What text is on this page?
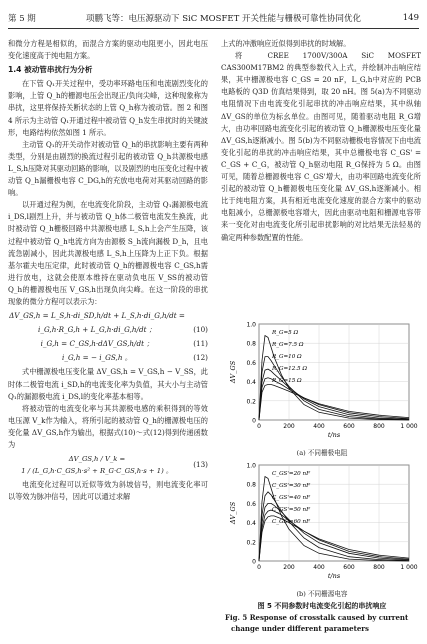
第 5 期	项鹏飞等：电压源驱动下 SiC MOSFET 开关性能与栅极可靠性协同优化	149

和微分方程是相似的，而混合方案的驱动电阻更小，因此电压变化速度高于纯电阻方案。

1.4 被动管串扰行为分析

在下管 Q₁开关过程中，受功率环路电压和电流剧烈变化的影响，上管 Q_h的栅源电压会出现正/负向尖峰，这种现象称为串扰，这里将保持关断状态的上管 Q_h称为被动管。图 2 和图 4 所示为主动管 Q₁开通过程中被动管 Q_h发生串扰时的关键波形，电路结构依然如图 1 所示。

主动管 Q₁的开关动作对被动管 Q_h的串扰影响主要有两种类型，分别是由剧烈的换流过程引起的被动管 Q_h共源极电感 L_S,h压降对其驱动回路的影响，以及剧烈的电压变化过程中被动管 Q_h漏栅极电容 C_DG,h的充放电电荷对其驱动回路的影响。

以开通过程为例，在电流变化阶段，主动管 Q₁漏源极电流 i_DS,l剧烈上升，并与被动管 Q_h体二极管电流发生换流，此时被动管 Q_h栅极回路中共源极电感 L_S,h上会产生压降，该过程中被动管 Q_h电流方向为由源极 S_h流向漏极 D_h，且电流急剧减小，因此共源极电感 L_S,h上压降为上正下负。根据基尔霍夫电压定律，此时被动管 Q_h的栅源极电容 C_GS,h需进行放电，这就会使原本维持在驱动负电压 V_SS的被动管 Q_h的栅源极电压 V_GS,h出现负向尖峰。在这一阶段的串扰现象的微分方程可以表示为：

ΔV_GS,h = L_S,h·di_SD,h/dt + L_S,h·di_G,h/dt =
i_G,h·R_G,h + L_G,h·di_G,h/dt ；	(10)
i_G,h = C_GS,h·dΔV_GS,h/dt ；	(11)
i_G,h = − i_GS,h 。	(12)

式中栅源极电压变化量 ΔV_GS,h = V_GS,h − V_SS，此时体二极管电流 i_SD,h的电流变化率为负值，其大小与主动管 Q₁的漏源极电流 i_DS,l的变化率基本相等。

将被动管的电流变化率与其共源极电感的乘积得到的等效电压源 V_k作为输入，将所引起的被动管 Q_h的栅源极电压的变化量 ΔV_GS,h作为输出，根据式(10)～式(12)得到传递函数为

ΔV_GS,h / V_k = 1 / (L_G,h·C_GS,h·s² + R_G·C_GS,h·s + 1) 。
(13)

电流变化过程可以近似等效为斜坡信号，则电流变化率可以等效为脉冲信号，因此可以通过求解

上式的冲激响应近似得到串扰的时域解。

将 CREE 1700V/300A SiC MOSFET CAS300M17BM2 的典型参数代入上式，并绘制冲击响应结果，其中栅源极电容 C_GS = 20 nF，L_G,h中对应的 PCB 电路板的 Q3D 仿真结果得到，取 20 nH。图 5(a)为不同驱动电阻情况下由电流变化引起串扰的冲击响应结果，其中纵轴 ΔV_GS的单位为标幺单位。由图可见，随着驱动电阻 R_G增大，由功率回路电流变化引起的被动管 Q_h栅源极电压变化量 ΔV_GS,h逐渐减小。图 5(b)为不同驱动栅极电容情况下由电流变化引起的串扰的冲击响应结果，其中总栅极电容 C_GS' = C_GS + C_G，被动管 Q_h驱动电阻 R_G保持为 5 Ω。由图可见，随着总栅源极电容 C_GS'增大，由功率回路电流变化所引起的被动管 Q_h栅源极电压变化量 ΔV_GS,h逐渐减小。相比于纯电阻方案，具有相近电流变化速度的混合方案中的驱动电阻减小，总栅源极电容增大，因此由驱动电阻和栅源电容带来一变化对由电流变化所引起串扰影响的对比结果无法轻易的确定两种参数配置的性能。

1.0
0.8
0.6
0.4
0.2
0
0	200	400	600	800	1 000
t/ns
ΔV_GS
R_G=5 Ω
R_G=7.5 Ω
R_G=10 Ω
R_G=12.5 Ω
R_G=15 Ω
(a) 不同栅极电阻
1.0
0.8
0.6
0.4
0.2
0
0	200	400	600	800	1 000
t/ns
ΔV_GS
C_GS'=20 nF
C_GS'=30 nF
C_GS'=40 nF
C_GS'=50 nF
C_GS'=60 nF
(b) 不同栅源电容
图 5 不同参数时电流变化引起的串扰响应
Fig. 5 Response of crosstalk caused by current change under different parameters
